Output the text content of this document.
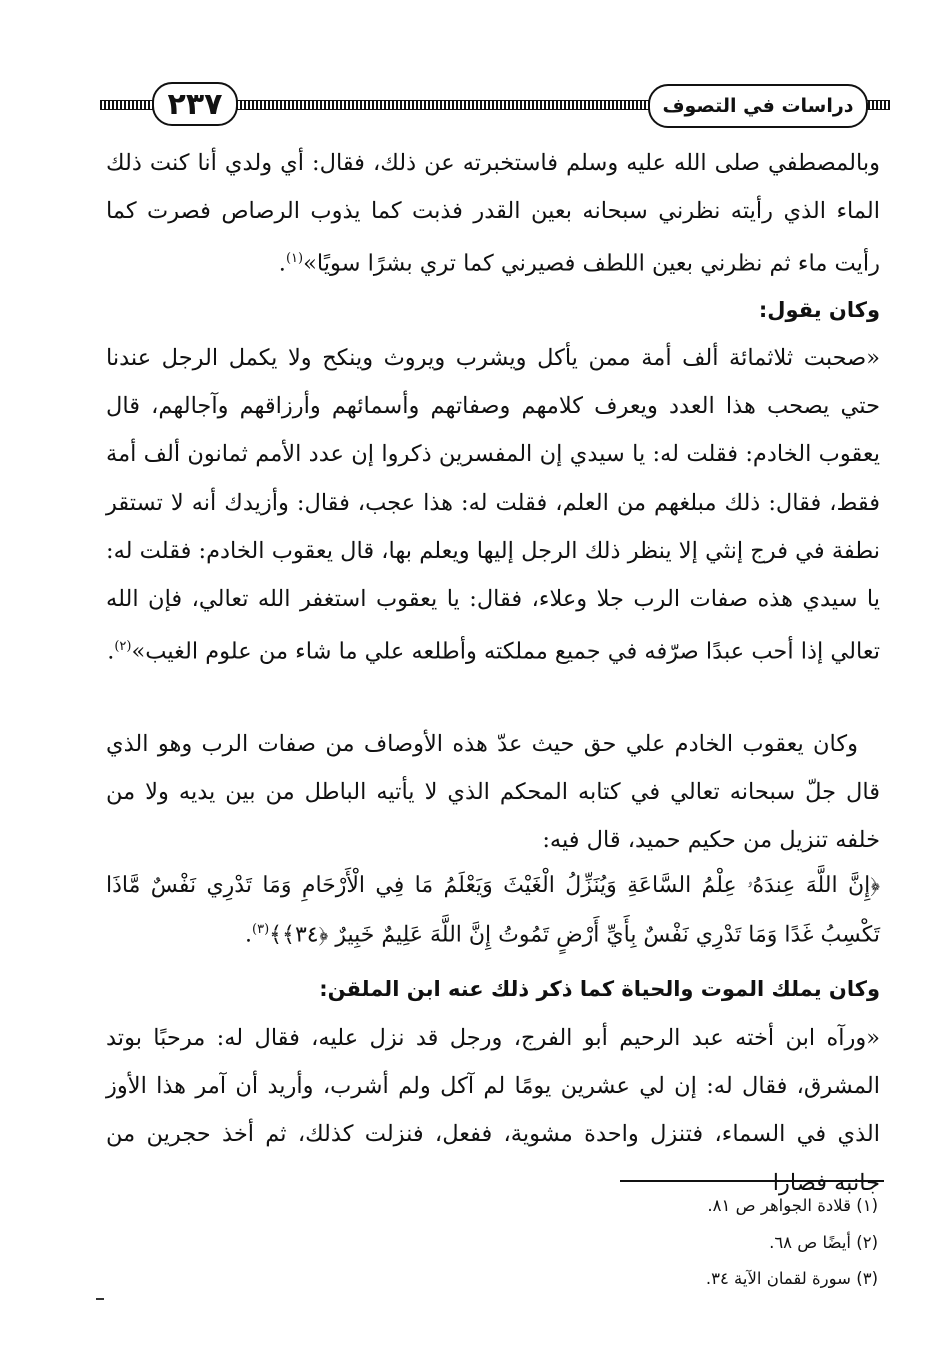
٢٣٧	دراسات في التصوف

وبالمصطفي صلى الله عليه وسلم فاستخبرته عن ذلك، فقال: أي ولدي أنا كنت ذلك الماء الذي رأيته نظرني سبحانه بعين القدر فذبت كما يذوب الرصاص فصرت كما رأيت ماء ثم نظرني بعين اللطف فصيرني كما تري بشرًا سويًا»$^{(١)}$.

وكان يقول:

«صحبت ثلاثمائة ألف أمة ممن يأكل ويشرب ويروث وينكح ولا يكمل الرجل عندنا حتي يصحب هذا العدد ويعرف كلامهم وصفاتهم وأسمائهم وأرزاقهم وآجالهم، قال يعقوب الخادم: فقلت له: يا سيدي إن المفسرين ذكروا إن عدد الأمم ثمانون ألف أمة فقط، فقال: ذلك مبلغهم من العلم، فقلت له: هذا عجب، فقال: وأزيدك أنه لا تستقر نطفة في فرج إنثي إلا ينظر ذلك الرجل إليها ويعلم بها، قال يعقوب الخادم: فقلت له: يا سيدي هذه صفات الرب جلا وعلاء، فقال: يا يعقوب استغفر الله تعالي، فإن الله تعالي إذا أحب عبدًا صرّفه في جميع مملكته وأطلعه علي ما شاء من علوم الغيب»$^{(٢)}$.

وكان يعقوب الخادم علي حق حيث عدّ هذه الأوصاف من صفات الرب وهو الذي قال جلّ سبحانه تعالي في كتابه المحكم الذي لا يأتيه الباطل من بين يديه ولا من خلفه تنزيل من حكيم حميد، قال فيه:

﴿إِنَّ اللَّهَ عِندَهُۥ عِلْمُ السَّاعَةِ وَيُنَزِّلُ الْغَيْثَ وَيَعْلَمُ مَا فِي الْأَرْحَامِ وَمَا تَدْرِي نَفْسٌ مَّاذَا تَكْسِبُ غَدًا وَمَا تَدْرِي نَفْسٌ بِأَيِّ أَرْضٍ تَمُوتُ إِنَّ اللَّهَ عَلِيمٌ خَبِيرٌ ﴿٣٤﴾﴾$^{(٣)}$.

وكان يملك الموت والحياة كما ذكر ذلك عنه ابن الملقن:

«ورآه ابن أخته عبد الرحيم أبو الفرج، ورجل قد نزل عليه، فقال له: مرحبًا بوتد المشرق، فقال له: إن لي عشرين يومًا لم آكل ولم أشرب، وأريد أن آمر هذا الأوز الذي في السماء، فتنزل واحدة مشوية، ففعل، فنزلت كذلك، ثم أخذ حجرين من جانبه فصارا

(١) قلادة الجواهر ص ٨١.
(٢) أيضًا ص ٦٨.
(٣) سورة لقمان الآية ٣٤.
